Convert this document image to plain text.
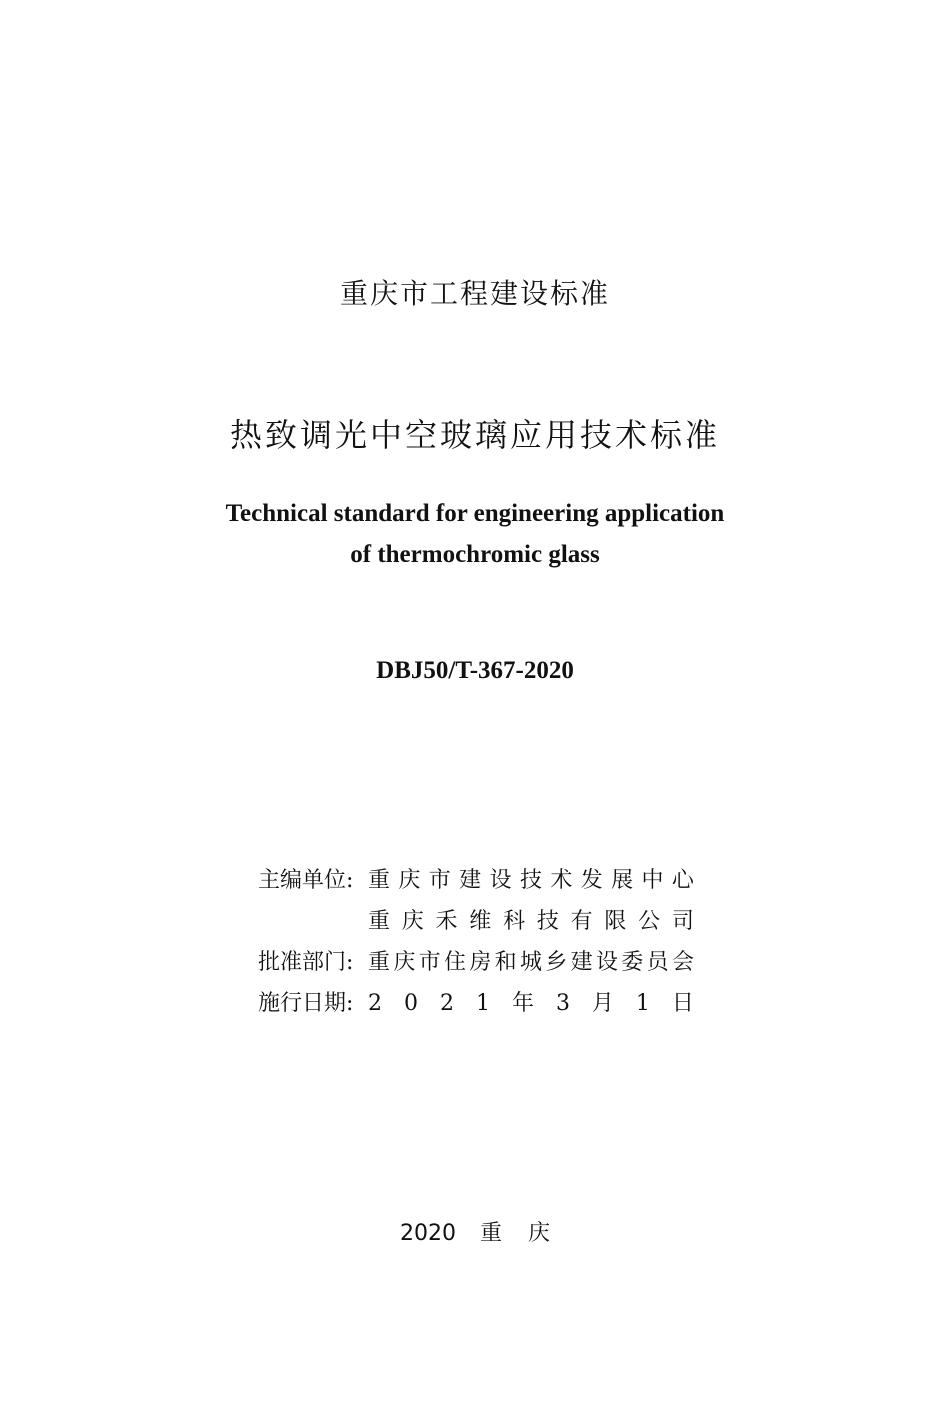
重庆市工程建设标准
热致调光中空玻璃应用技术标准
Technical standard for engineering application
of thermochromic glass
DBJ50/T-367-2020
主编单位: 重 庆 市 建 设 技 术 发 展 中 心
重 庆 禾 维 科 技 有 限 公 司
批准部门: 重 庆 市 住 房 和 城 乡 建 设 委 员 会
施行日期: 2 0 2 1 年 3 月 1 日
2020 重庆
